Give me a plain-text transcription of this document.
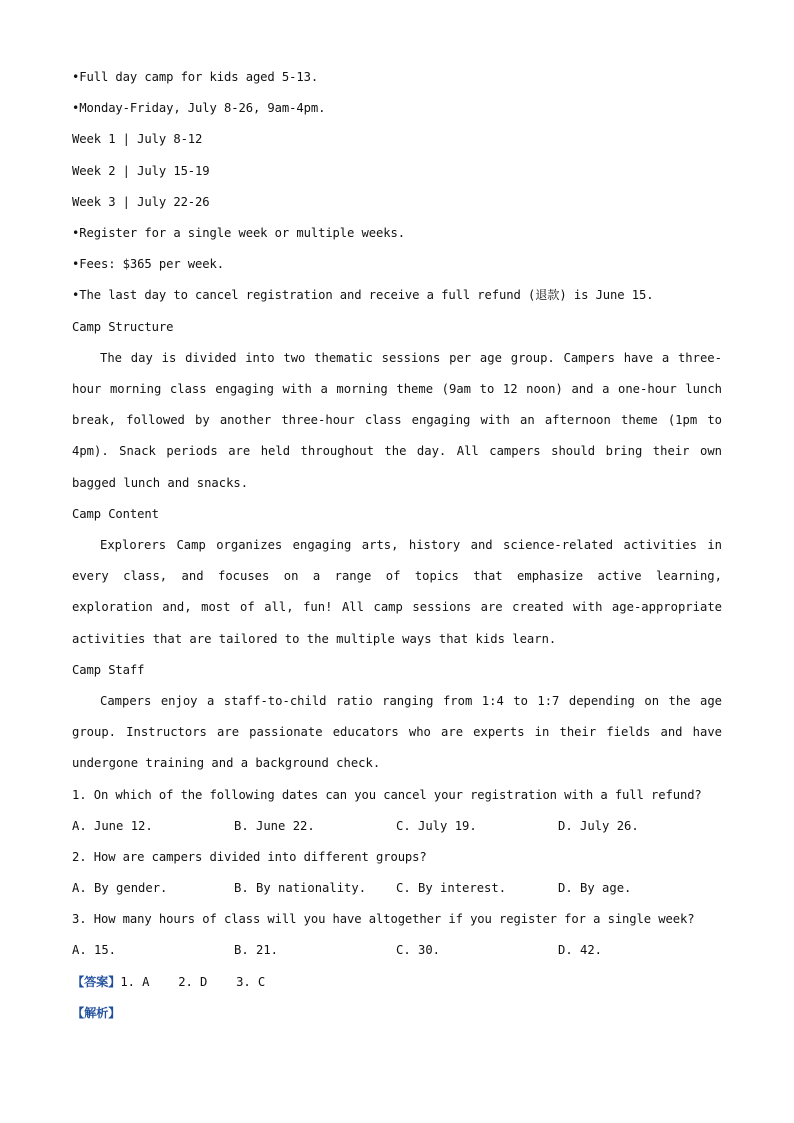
•Full day camp for kids aged 5-13.
•Monday-Friday, July 8-26, 9am-4pm.
Week 1 | July 8-12
Week 2 | July 15-19
Week 3 | July 22-26
•Register for a single week or multiple weeks.
•Fees: $365 per week.
•The last day to cancel registration and receive a full refund (退款) is June 15.
Camp Structure

The day is divided into two thematic sessions per age group. Campers have a three-hour morning class engaging with a morning theme (9am to 12 noon) and a one-hour lunch break, followed by another three-hour class engaging with an afternoon theme (1pm to 4pm). Snack periods are held throughout the day. All campers should bring their own bagged lunch and snacks.

Camp Content

Explorers Camp organizes engaging arts, history and science-related activities in every class, and focuses on a range of topics that emphasize active learning, exploration and, most of all, fun! All camp sessions are created with age-appropriate activities that are tailored to the multiple ways that kids learn.

Camp Staff

Campers enjoy a staff-to-child ratio ranging from 1:4 to 1:7 depending on the age group. Instructors are passionate educators who are experts in their fields and have undergone training and a background check.

1. On which of the following dates can you cancel your registration with a full refund?
A. June 12.	B. June 22.	C. July 19.	D. July 26.
2. How are campers divided into different groups?
A. By gender.	B. By nationality.	C. By interest.	D. By age.
3. How many hours of class will you have altogether if you register for a single week?
A. 15.	B. 21.	C. 30.	D. 42.
【答案】1. A    2. D    3. C
【解析】
